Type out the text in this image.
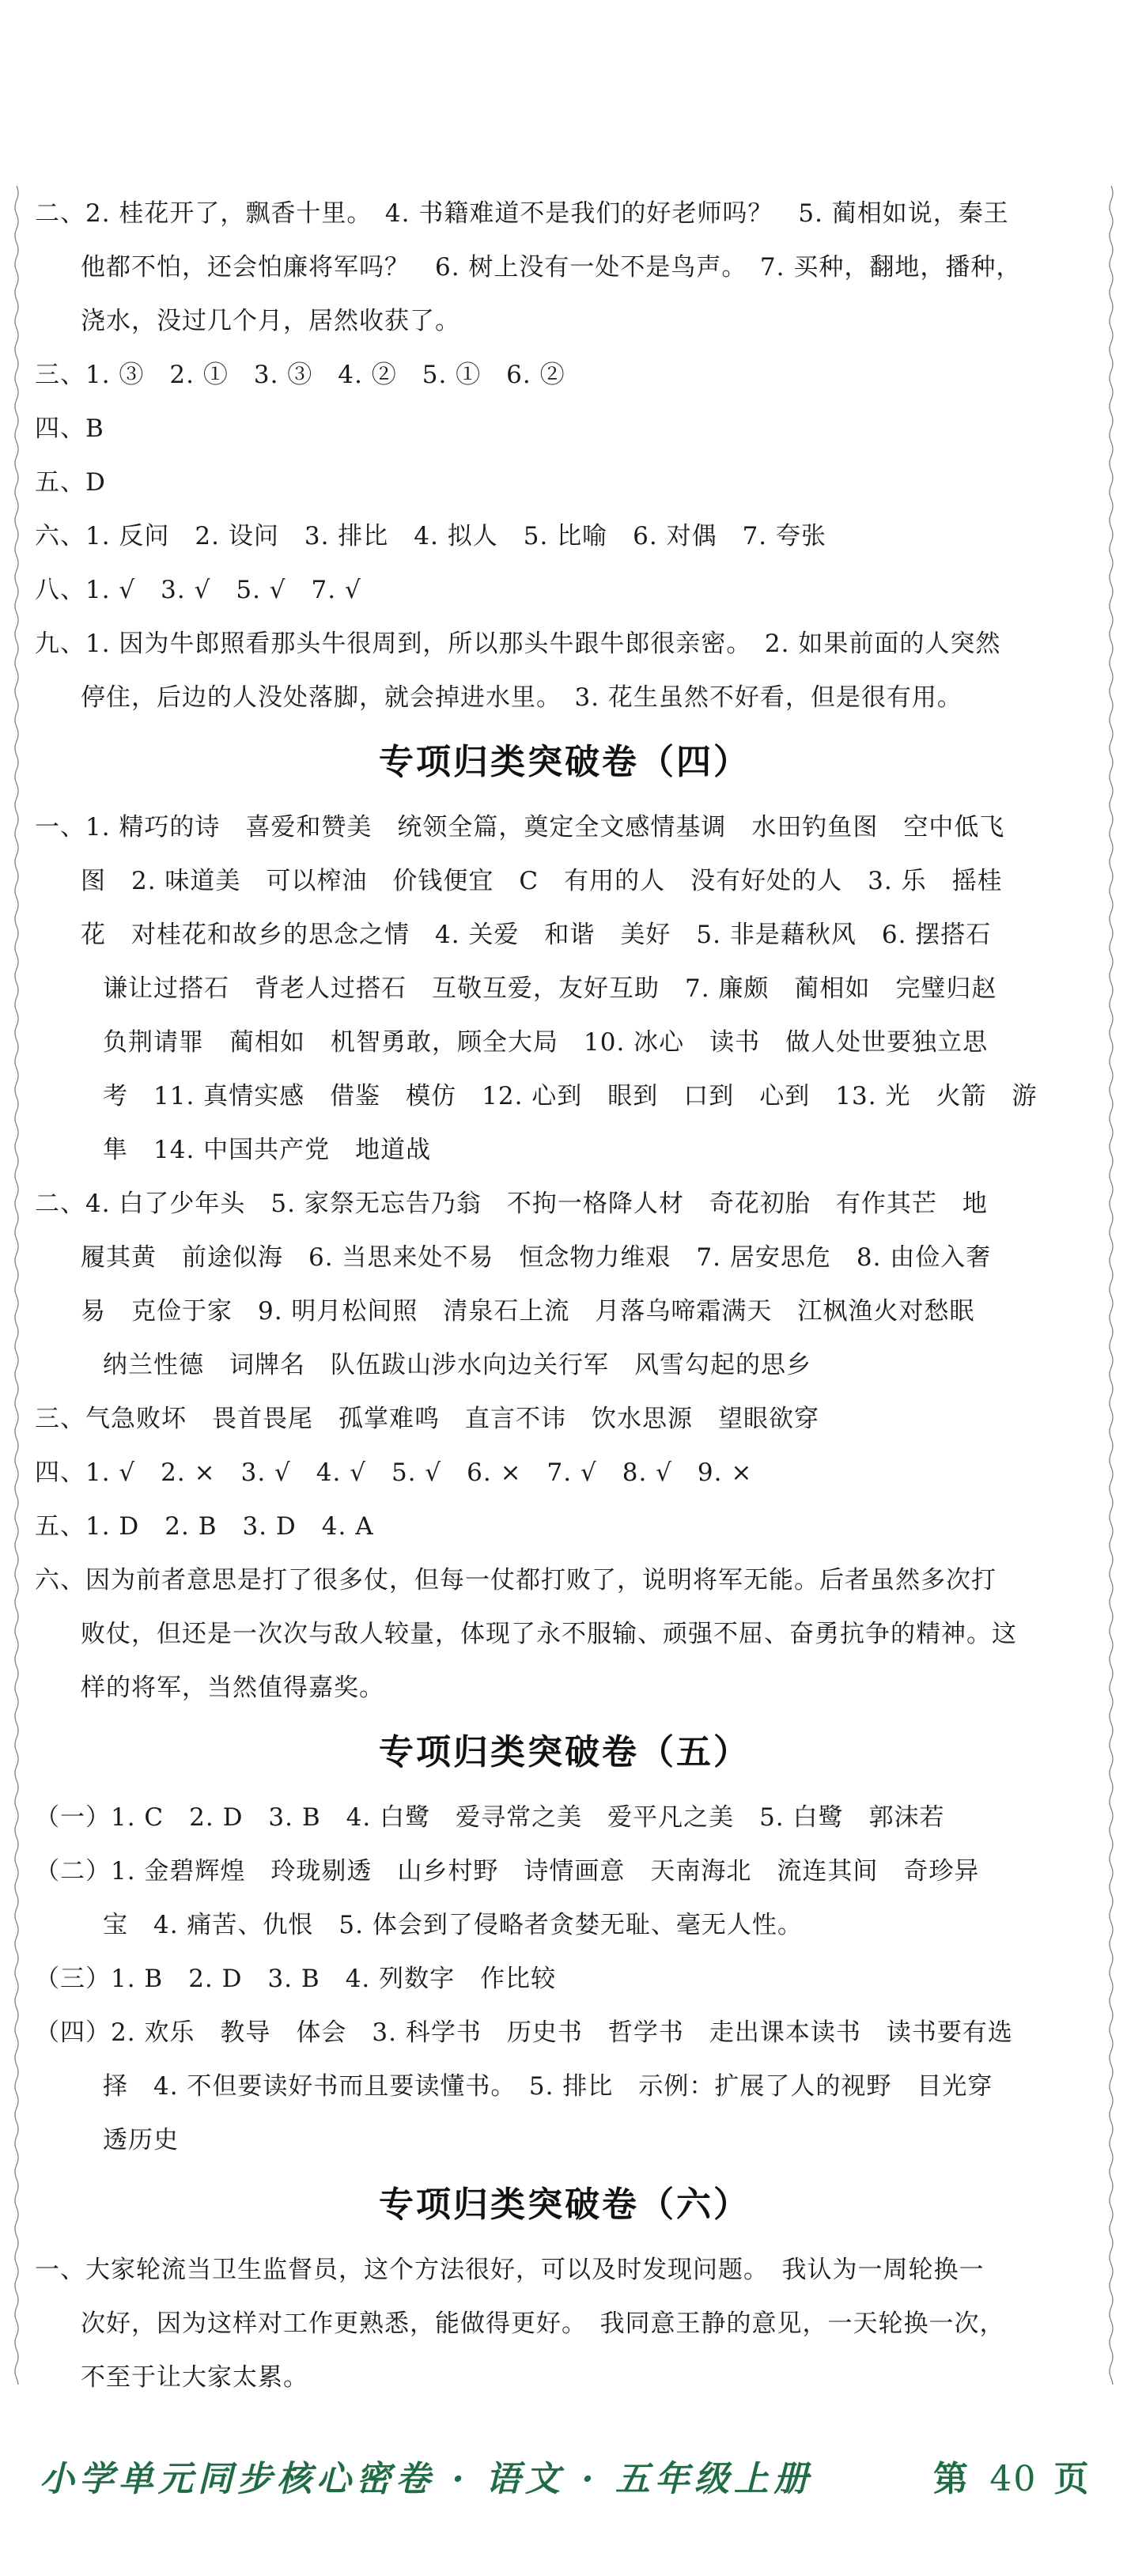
二、2. 桂花开了，飘香十里。　4. 书籍难道不是我们的好老师吗？　5. 蔺相如说，秦王
他都不怕，还会怕廉将军吗？　6. 树上没有一处不是鸟声。　7. 买种，翻地，播种，
浇水，没过几个月，居然收获了。
三、1. ③　2. ①　3. ③　4. ②　5. ①　6. ②
四、B
五、D
六、1. 反问　2. 设问　3. 排比　4. 拟人　5. 比喻　6. 对偶　7. 夸张
八、1. √　3. √　5. √　7. √
九、1. 因为牛郎照看那头牛很周到，所以那头牛跟牛郎很亲密。　2. 如果前面的人突然
停住，后边的人没处落脚，就会掉进水里。　3. 花生虽然不好看，但是很有用。
专项归类突破卷（四）
一、1. 精巧的诗　喜爱和赞美　统领全篇，奠定全文感情基调　水田钓鱼图　空中低飞
图　2. 味道美　可以榨油　价钱便宜　C　有用的人　没有好处的人　3. 乐　摇桂
花　对桂花和故乡的思念之情　4. 关爱　和谐　美好　5. 非是藉秋风　6. 摆搭石
谦让过搭石　背老人过搭石　互敬互爱，友好互助　7. 廉颇　蔺相如　完璧归赵
负荆请罪　蔺相如　机智勇敢，顾全大局　10. 冰心　读书　做人处世要独立思
考　11. 真情实感　借鉴　模仿　12. 心到　眼到　口到　心到　13. 光　火箭　游
隼　14. 中国共产党　地道战
二、4. 白了少年头　5. 家祭无忘告乃翁　不拘一格降人材　奇花初胎　有作其芒　地
履其黄　前途似海　6. 当思来处不易　恒念物力维艰　7. 居安思危　8. 由俭入奢
易　克俭于家　9. 明月松间照　清泉石上流　月落乌啼霜满天　江枫渔火对愁眠
纳兰性德　词牌名　队伍跋山涉水向边关行军　风雪勾起的思乡
三、气急败坏　畏首畏尾　孤掌难鸣　直言不讳　饮水思源　望眼欲穿
四、1. √　2. ×　3. √　4. √　5. √　6. ×　7. √　8. √　9. ×
五、1. D　2. B　3. D　4. A
六、因为前者意思是打了很多仗，但每一仗都打败了，说明将军无能。后者虽然多次打
败仗，但还是一次次与敌人较量，体现了永不服输、顽强不屈、奋勇抗争的精神。这
样的将军，当然值得嘉奖。
专项归类突破卷（五）
（一）1. C　2. D　3. B　4. 白鹭　爱寻常之美　爱平凡之美　5. 白鹭　郭沫若
（二）1. 金碧辉煌　玲珑剔透　山乡村野　诗情画意　天南海北　流连其间　奇珍异
宝　4. 痛苦、仇恨　5. 体会到了侵略者贪婪无耻、毫无人性。
（三）1. B　2. D　3. B　4. 列数字　作比较
（四）2. 欢乐　教导　体会　3. 科学书　历史书　哲学书　走出课本读书　读书要有选
择　4. 不但要读好书而且要读懂书。　5. 排比　示例：扩展了人的视野　目光穿
透历史
专项归类突破卷（六）
一、大家轮流当卫生监督员，这个方法很好，可以及时发现问题。　我认为一周轮换一
次好，因为这样对工作更熟悉，能做得更好。　我同意王静的意见，一天轮换一次，
不至于让大家太累。
小学单元同步核心密卷 · 语文 · 五年级上册	第 40 页
